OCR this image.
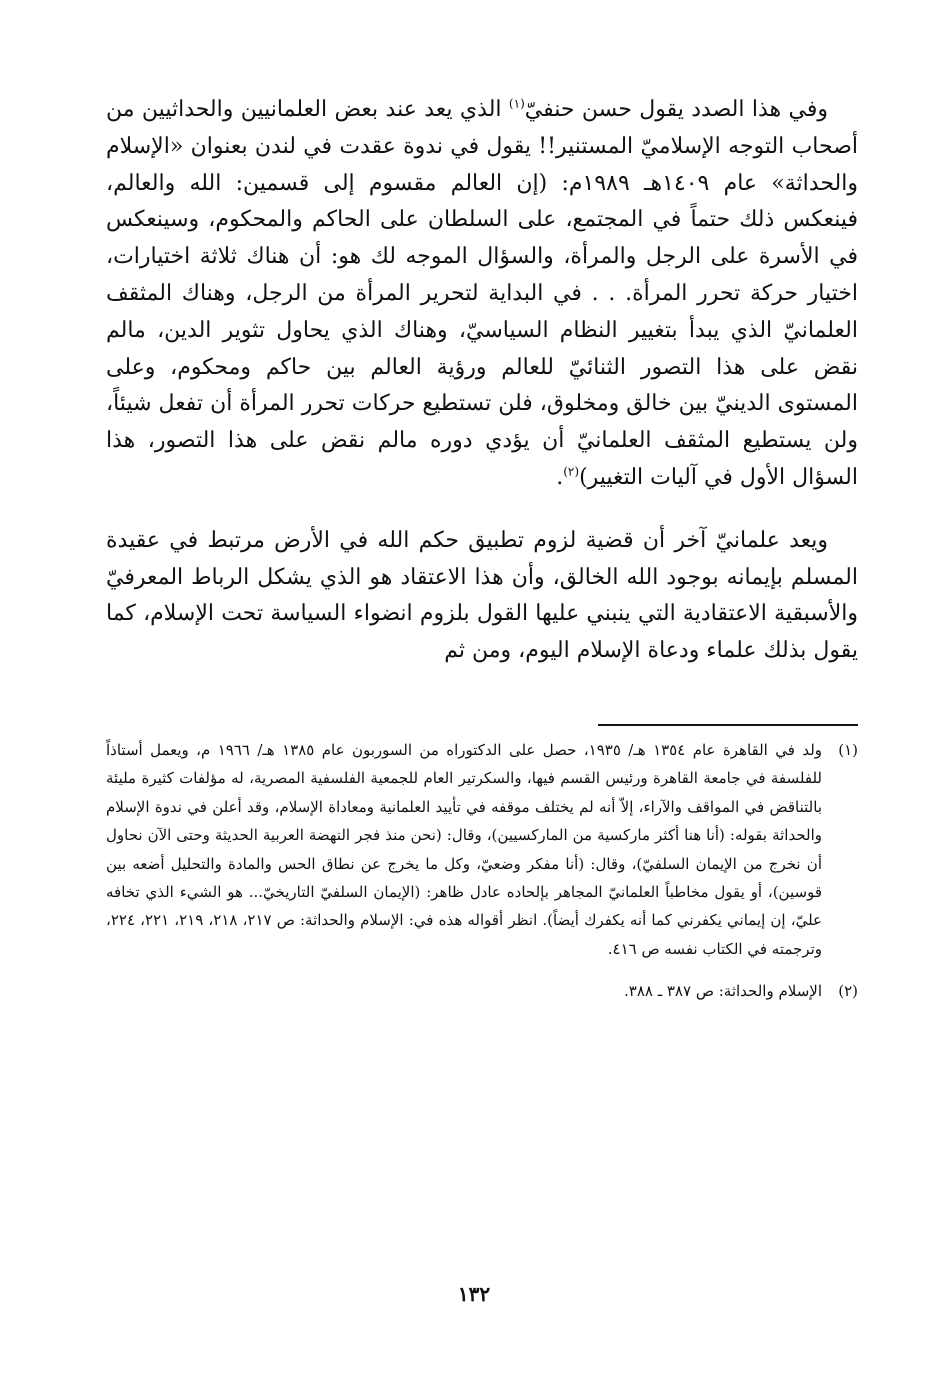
وفي هذا الصدد يقول حسن حنفيّ$^{(١)}$ الذي يعد عند بعض العلمانيين والحداثيين من أصحاب التوجه الإسلاميّ المستنير!! يقول في ندوة عقدت في لندن بعنوان «الإسلام والحداثة» عام ١٤٠٩هـ ١٩٨٩م: (إن العالم مقسوم إلى قسمين: الله والعالم، فينعكس ذلك حتماً في المجتمع، على السلطان على الحاكم والمحكوم، وسينعكس في الأسرة على الرجل والمرأة، والسؤال الموجه لك هو: أن هناك ثلاثة اختيارات، اختيار حركة تحرر المرأة. . . في البداية لتحرير المرأة من الرجل، وهناك المثقف العلمانيّ الذي يبدأ بتغيير النظام السياسيّ، وهناك الذي يحاول تثوير الدين، مالم نقض على هذا التصور الثنائيّ للعالم ورؤية العالم بين حاكم ومحكوم، وعلى المستوى الدينيّ بين خالق ومخلوق، فلن تستطيع حركات تحرر المرأة أن تفعل شيئاً، ولن يستطيع المثقف العلمانيّ أن يؤدي دوره مالم نقض على هذا التصور، هذا السؤال الأول في آليات التغيير)$^{(٢)}$.

ويعد علمانيّ آخر أن قضية لزوم تطبيق حكم الله في الأرض مرتبط في عقيدة المسلم بإيمانه بوجود الله الخالق، وأن هذا الاعتقاد هو الذي يشكل الرباط المعرفيّ والأسبقية الاعتقادية التي ينبني عليها القول بلزوم انضواء السياسة تحت الإسلام، كما يقول بذلك علماء ودعاة الإسلام اليوم، ومن ثم

(١)
ولد في القاهرة عام ١٣٥٤ هـ/ ١٩٣٥، حصل على الدكتوراه من السوربون عام ١٣٨٥ هـ/ ١٩٦٦ م، ويعمل أستاذاً للفلسفة في جامعة القاهرة ورئيس القسم فيها، والسكرتير العام للجمعية الفلسفية المصرية، له مؤلفات كثيرة مليئة بالتناقض في المواقف والآراء، إلاّ أنه لم يختلف موقفه في تأييد العلمانية ومعاداة الإسلام، وقد أعلن في ندوة الإسلام والحداثة بقوله: (أنا هنا أكثر ماركسية من الماركسيين)، وقال: (نحن منذ فجر النهضة العربية الحديثة وحتى الآن نحاول أن نخرج من الإيمان السلفيّ)، وقال: (أنا مفكر وضعيّ، وكل ما يخرج عن نطاق الحس والمادة والتحليل أضعه بين قوسين)، أو يقول مخاطباً العلمانيّ المجاهر بإلحاده عادل ظاهر: (الإيمان السلفيّ التاريخيّ... هو الشيء الذي تخافه عليّ، إن إيماني يكفرني كما أنه يكفرك أيضاً). انظر أقواله هذه في: الإسلام والحداثة: ص ٢١٧، ٢١٨، ٢١٩، ٢٢١، ٢٢٤، وترجمته في الكتاب نفسه ص ٤١٦.
(٢)
الإسلام والحداثة: ص ٣٨٧ ـ ٣٨٨.
١٣٢
